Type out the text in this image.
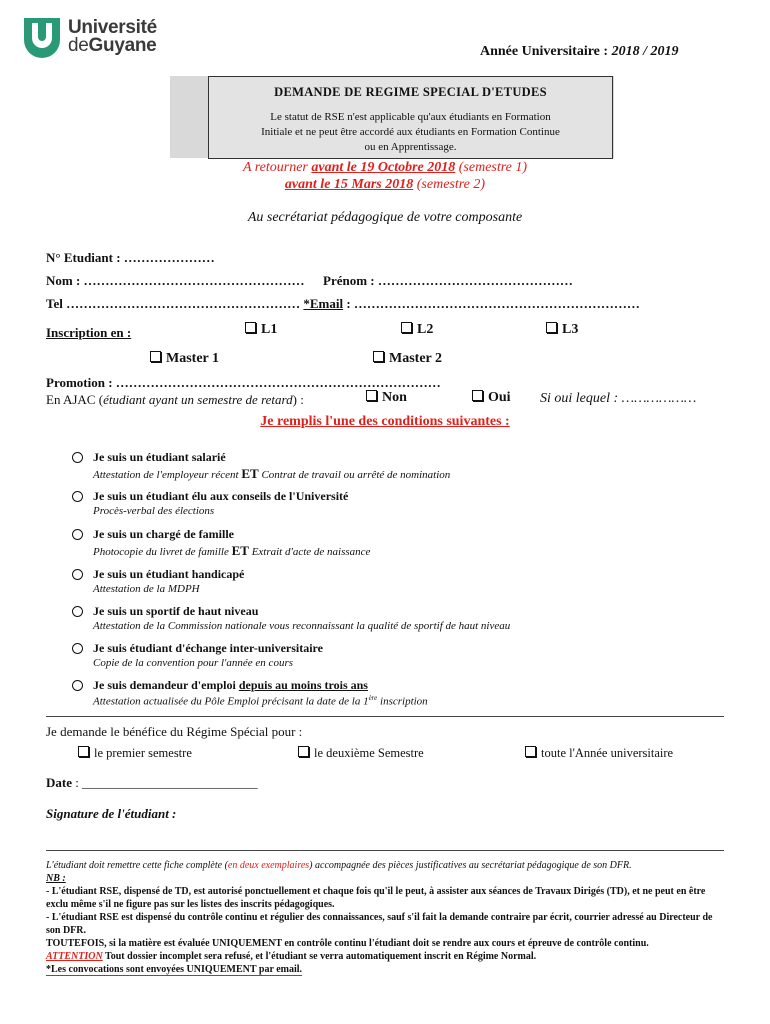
Université
deGuyane	Année Universitaire : 2018 / 2019
DEMANDE DE REGIME SPECIAL D'ETUDES
Le statut de RSE n'est applicable qu'aux étudiants en Formation
Initiale et ne peut être accordé aux étudiants en Formation Continue
ou en Apprentissage.
A retourner avant le 19 Octobre 2018 (semestre 1)
avant le 15 Mars 2018 (semestre 2)
Au secrétariat pédagogique de votre composante
N° Etudiant : …………………
Nom : …………………………………………… Prénom : ………………………………………
Tel ……………………………………………… *Email : …………………………………………………………
Inscription en :	L1	L2	L3
Master 1	Master 2
Promotion : …………………………………………………………………
En AJAC (étudiant ayant un semestre de retard) :	Non	Oui Si oui lequel : ………………
Je remplis l'une des conditions suivantes :
Je suis un étudiant salarié
Attestation de l'employeur récent ET Contrat de travail ou arrêté de nomination
Je suis un étudiant élu aux conseils de l'Université
Procès-verbal des élections
Je suis un chargé de famille
Photocopie du livret de famille ET Extrait d'acte de naissance
Je suis un étudiant handicapé
Attestation de la MDPH
Je suis un sportif de haut niveau
Attestation de la Commission nationale vous reconnaissant la qualité de sportif de haut niveau
Je suis étudiant d'échange inter-universitaire
Copie de la convention pour l'année en cours
Je suis demandeur d'emploi depuis au moins trois ans
Attestation actualisée du Pôle Emploi précisant la date de la 1ère inscription
Je demande le bénéfice du Régime Spécial pour :
le premier semestre	le deuxième Semestre	toute l'Année universitaire
Date : ___________________________
Signature de l'étudiant :
L'étudiant doit remettre cette fiche complète (en deux exemplaires) accompagnée des pièces justificatives au secrétariat pédagogique de son DFR.
NB :
- L'étudiant RSE, dispensé de TD, est autorisé ponctuellement et chaque fois qu'il le peut, à assister aux séances de Travaux Dirigés (TD), et ne peut en être exclu même s'il ne figure pas sur les listes des inscrits pédagogiques.
- L'étudiant RSE est dispensé du contrôle continu et régulier des connaissances, sauf s'il fait la demande contraire par écrit, courrier adressé au Directeur de son DFR.
TOUTEFOIS, si la matière est évaluée UNIQUEMENT en contrôle continu l'étudiant doit se rendre aux cours et épreuve de contrôle continu.
ATTENTION Tout dossier incomplet sera refusé, et l'étudiant se verra automatiquement inscrit en Régime Normal.
*Les convocations sont envoyées UNIQUEMENT par email.
